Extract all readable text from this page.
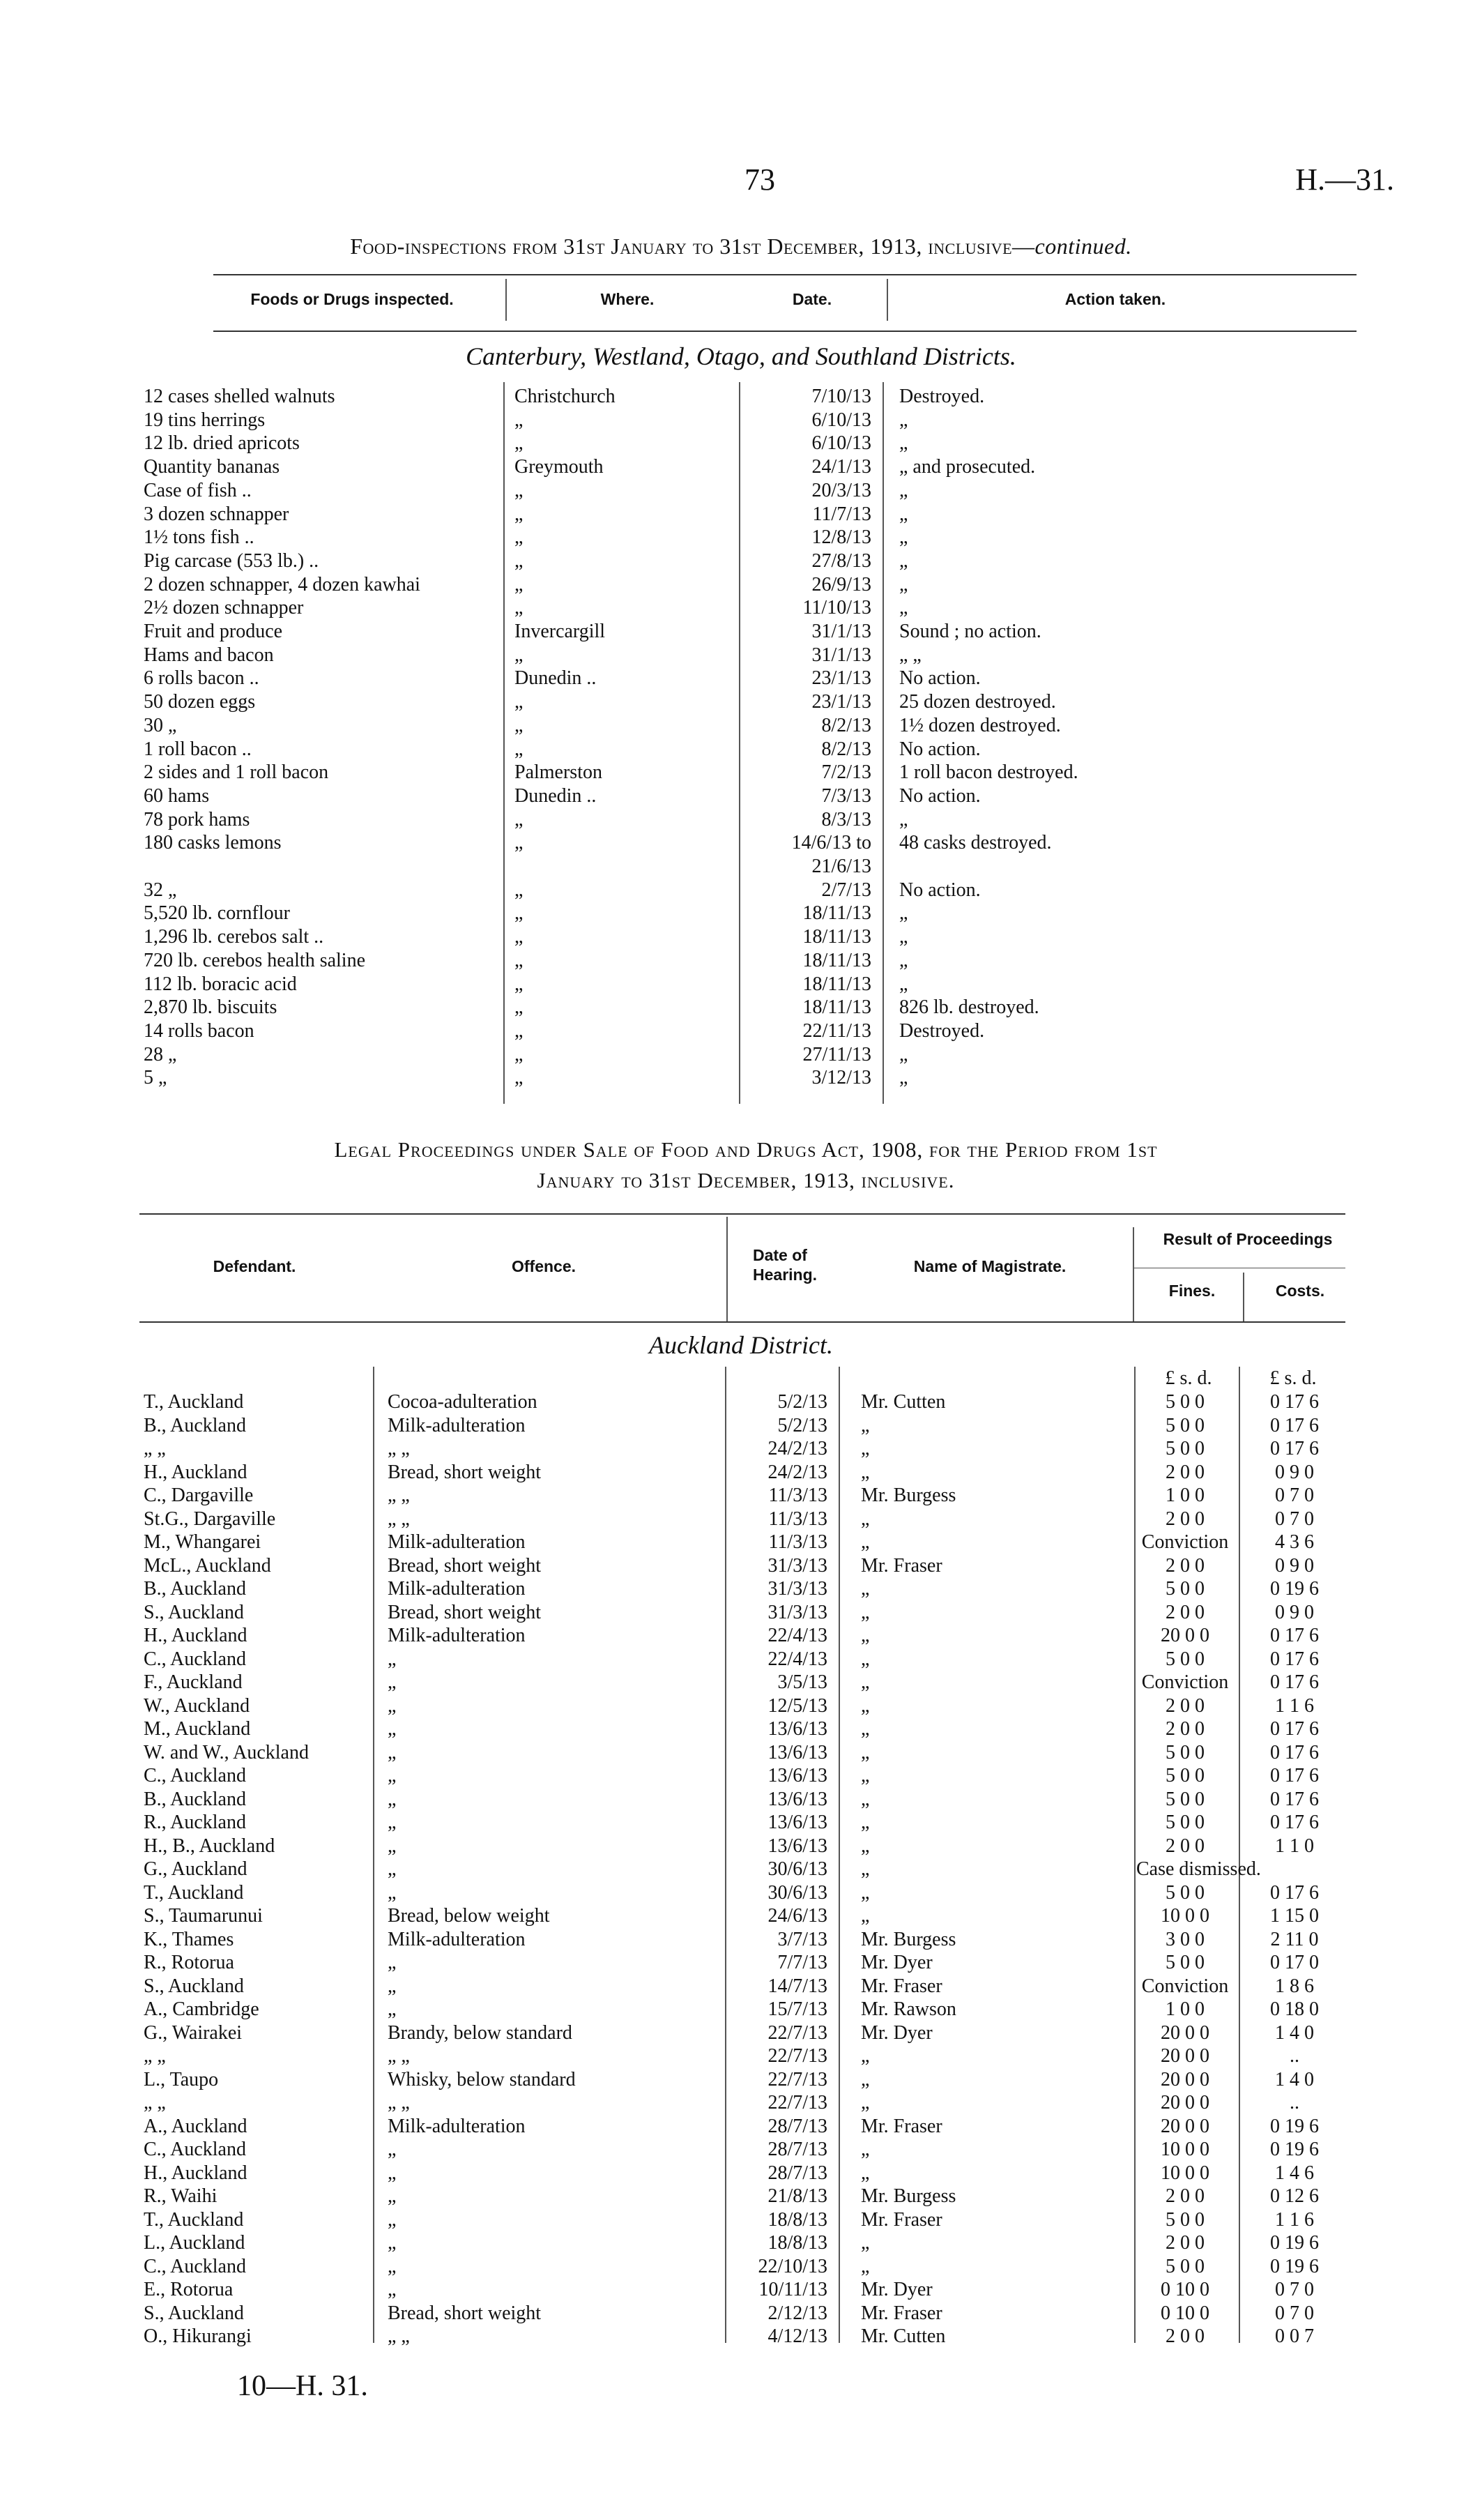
73	H.—31.
Food-inspections from 31st January to 31st December, 1913, inclusive—continued.
Foods or Drugs inspected.	Where.	Date.	Action taken.
Canterbury, Westland, Otago, and Southland Districts.
12 cases shelled walnuts	Christchurch	7/10/13 Destroyed.
19 tins herrings	„	6/10/13 „
12 lb. dried apricots	„	6/10/13 „
Quantity bananas	Greymouth	24/1/13 „ and prosecuted.
Case of fish ..	„	20/3/13 „
3 dozen schnapper	„	11/7/13 „
1½ tons fish ..	„	12/8/13 „
Pig carcase (553 lb.) ..	„	27/8/13 „
2 dozen schnapper, 4 dozen kawhai	„	26/9/13 „
2½ dozen schnapper	„	11/10/13 „
Fruit and produce	Invercargill	31/1/13 Sound ; no action.
Hams and bacon	„	31/1/13 „ „
6 rolls bacon ..	Dunedin ..	23/1/13 No action.
50 dozen eggs	„	23/1/13 25 dozen destroyed.
30 „	„	8/2/13 1½ dozen destroyed.
1 roll bacon ..	„	8/2/13 No action.
2 sides and 1 roll bacon	Palmerston	7/2/13 1 roll bacon destroyed.
60 hams	Dunedin ..	7/3/13 No action.
78 pork hams	„	8/3/13 „
180 casks lemons	„	14/6/13 to 48 casks destroyed.
21/6/13
32 „	„	2/7/13 No action.
5,520 lb. cornflour	„	18/11/13 „
1,296 lb. cerebos salt ..	„	18/11/13 „
720 lb. cerebos health saline	„	18/11/13 „
112 lb. boracic acid	„	18/11/13 „
2,870 lb. biscuits	„	18/11/13 826 lb. destroyed.
14 rolls bacon	„	22/11/13 Destroyed.
28 „	„	27/11/13 „
5 „	„	3/12/13 „
Legal Proceedings under Sale of Food and Drugs Act, 1908, for the Period from 1st
January to 31st December, 1913, inclusive.
Defendant.	Offence.
Date of Hearing.	Name of Magistrate.
Result of Proceedings
Fines.	Costs.
Auckland District.
£ s. d.	£ s. d.
T., Auckland	Cocoa-adulteration	5/2/13 Mr. Cutten	5 0 0	0 17 6
B., Auckland	Milk-adulteration	5/2/13 „	5 0 0	0 17 6
„ „	„ „	24/2/13 „	5 0 0	0 17 6
H., Auckland	Bread, short weight	24/2/13 „	2 0 0	0 9 0
C., Dargaville	„ „	11/3/13 Mr. Burgess	1 0 0	0 7 0
St.G., Dargaville	„ „	11/3/13 „	2 0 0	0 7 0
M., Whangarei	Milk-adulteration	11/3/13 „	Conviction	4 3 6
McL., Auckland	Bread, short weight	31/3/13 Mr. Fraser	2 0 0	0 9 0
B., Auckland	Milk-adulteration	31/3/13 „	5 0 0	0 19 6
S., Auckland	Bread, short weight	31/3/13 „	2 0 0	0 9 0
H., Auckland	Milk-adulteration	22/4/13 „	20 0 0	0 17 6
C., Auckland	„	22/4/13 „	5 0 0	0 17 6
F., Auckland	„	3/5/13 „	Conviction	0 17 6
W., Auckland	„	12/5/13 „	2 0 0	1 1 6
M., Auckland	„	13/6/13 „	2 0 0	0 17 6
W. and W., Auckland	„	13/6/13 „	5 0 0	0 17 6
C., Auckland	„	13/6/13 „	5 0 0	0 17 6
B., Auckland	„	13/6/13 „	5 0 0	0 17 6
R., Auckland	„	13/6/13 „	5 0 0	0 17 6
H., B., Auckland	„	13/6/13 „	2 0 0	1 1 0
G., Auckland	„	30/6/13 „	Case dismissed.
T., Auckland	„	30/6/13 „	5 0 0	0 17 6
S., Taumarunui	Bread, below weight	24/6/13 „	10 0 0	1 15 0
K., Thames	Milk-adulteration	3/7/13 Mr. Burgess	3 0 0	2 11 0
R., Rotorua	„	7/7/13 Mr. Dyer	5 0 0	0 17 0
S., Auckland	„	14/7/13 Mr. Fraser	Conviction	1 8 6
A., Cambridge	„	15/7/13 Mr. Rawson	1 0 0	0 18 0
G., Wairakei	Brandy, below standard	22/7/13 Mr. Dyer	20 0 0	1 4 0
„ „	„ „	22/7/13 „	20 0 0	..
L., Taupo	Whisky, below standard	22/7/13 „	20 0 0	1 4 0
„ „	„ „	22/7/13 „	20 0 0	..
A., Auckland	Milk-adulteration	28/7/13 Mr. Fraser	20 0 0	0 19 6
C., Auckland	„	28/7/13 „	10 0 0	0 19 6
H., Auckland	„	28/7/13 „	10 0 0	1 4 6
R., Waihi	„	21/8/13 Mr. Burgess	2 0 0	0 12 6
T., Auckland	„	18/8/13 Mr. Fraser	5 0 0	1 1 6
L., Auckland	„	18/8/13 „	2 0 0	0 19 6
C., Auckland	„	22/10/13 „	5 0 0	0 19 6
E., Rotorua	„	10/11/13 Mr. Dyer	0 10 0	0 7 0
S., Auckland	Bread, short weight	2/12/13 Mr. Fraser	0 10 0	0 7 0
O., Hikurangi	„ „	4/12/13 Mr. Cutten	2 0 0	0 0 7
10—H. 31.
